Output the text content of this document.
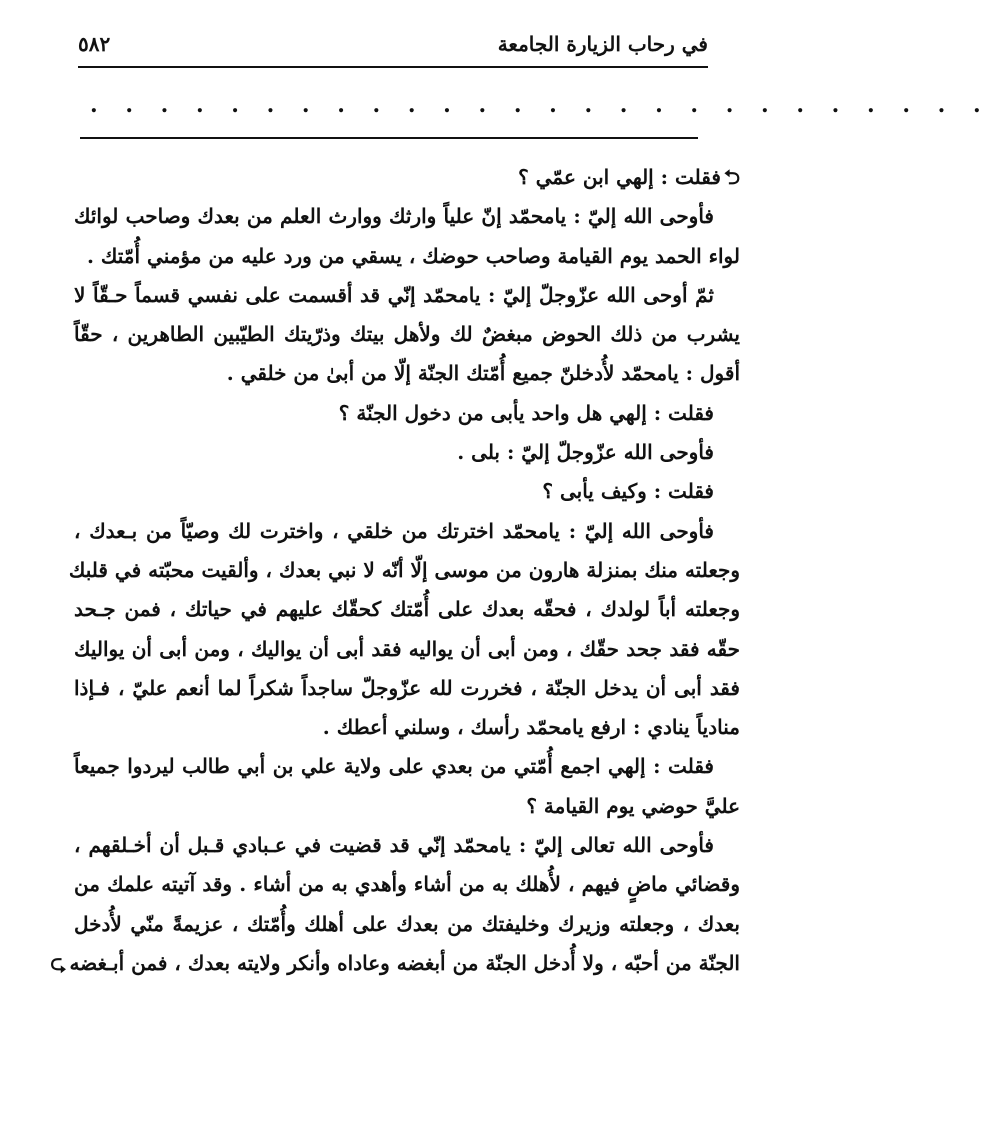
في رحاب الزيارة الجامعة
٥٨٢
. . . . . . . . . . . . . . . . . . . . . . . . . .
⮌فقلت : إلهي ابن عمّي ؟
فأوحى الله إليّ : يامحمّد إنّ علياً وارثك ووارث العلم من بعدك وصاحب لوائك
لواء الحمد يوم القيامة وصاحب حوضك ، يسقي من ورد عليه من مؤمني أُمّتك .
ثمّ أوحى الله عزّوجلّ إليّ : يامحمّد إنّي قد أقسمت على نفسي قسماً حـقّاً لا
يشرب من ذلك الحوض مبغضٌ لك ولأهل بيتك وذرّيتك الطيّبين الطاهرين ، حقّاً
أقول : يامحمّد لأُدخلنّ جميع أُمّتك الجنّة إلّا من أبىٰ من خلقي .
فقلت : إلهي هل واحد يأبى من دخول الجنّة ؟
فأوحى الله عزّوجلّ إليّ : بلى .
فقلت : وكيف يأبى ؟
فأوحى الله إليّ : يامحمّد اخترتك من خلقي ، واخترت لك وصيّاً من بـعدك ،
وجعلته منك بمنزلة هارون من موسى إلّا أنّه لا نبي بعدك ، وألقيت محبّته في قلبك
وجعلته أباً لولدك ، فحقّه بعدك على أُمّتك كحقّك عليهم في حياتك ، فمن جـحد
حقّه فقد جحد حقّك ، ومن أبى أن يواليه فقد أبى أن يواليك ، ومن أبى أن يواليك
فقد أبى أن يدخل الجنّة ، فخررت لله عزّوجلّ ساجداً شكراً لما أنعم عليّ ، فـإذا
منادياً ينادي : ارفع يامحمّد رأسك ، وسلني أعطك .
فقلت : إلهي اجمع أُمّتي من بعدي على ولاية علي بن أبي طالب ليردوا جميعاً
عليَّ حوضي يوم القيامة ؟
فأوحى الله تعالى إليّ : يامحمّد إنّي قد قضيت في عـبادي قـبل أن أخـلقهم ،
وقضائي ماضٍ فيهم ، لأُهلك به من أشاء وأهدي به من أشاء . وقد آتيته علمك من
بعدك ، وجعلته وزيرك وخليفتك من بعدك على أهلك وأُمّتك ، عزيمةً منّي لأُدخل
الجنّة من أحبّه ، ولا أُدخل الجنّة من أبغضه وعاداه وأنكر ولايته بعدك ، فمن أبـغضه⮎
